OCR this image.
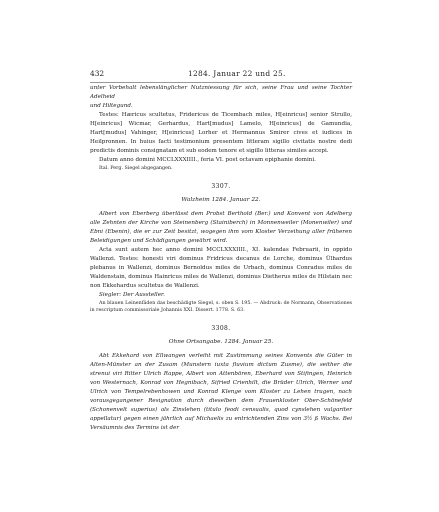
432	1284. Januar 22 und 25.

unter Vorbehalt lebenslänglicher Nutzniessung für sich, seine Frau und seine Tochter Adelheid

und Hiltegund.

Testes: Hæricus scultetus, Fridericus de Ticembach miles, H[einricus] senior Strullo, H[einricus] Wicmar, Gerhardus, Hart[mudus] Lamelo, H[einricus] de Gamundia, Hart[mudus] Vahinger, H[einricus] Lorher et Hermannus Smirer cives et iudices in Heilpronnen. In huius facti testimonium presentem litteram sigillo civitatis nostre dedi predictis dominis consignatam et sub eodem tenore et sigillo litteras similes accepi.

Datum anno domini MCCLXXXIIII., feria VI. post octavam epiphanie domini.

Ital. Perg. Siegel abgegangen.

3307.

Walzheim 1284. Januar 22.

Albert von Eberberg überlässt dem Probst Berthold (Ber.) und Konvent von Adelberg alle Zehnten der Kirche von Steinenberg (Stainiberch) in Monnenweiler (Monenwiler) und Ebni (Ebenin), die er zur Zeit besitzt, wogegen ihm vom Kloster Verzeihung aller früheren Beleidigungen und Schädigungen gewährt wird.

Acta sunt autem hec anno domini MCCLXXXIIII., XI. kalendas Februarii, in oppido Wallenzi. Testes: honesti viri dominus Fridricus decanus de Lorche, dominus Ülhardus plebanus in Wallenzi, dominus Bernoldus miles de Urbach, dominus Conradus miles de Waldenstain, dominus Hainricus miles de Wallenzi, dominus Dietherus miles de Hilstain nec non Ekkehardus scultetus de Wallenzi.

Siegler: Der Aussteller.

An blauen Leinenfäden das beschädigte Siegel, s. oben S. 195. — Abdruck: de Normann, Observationes in rescriptum commissoriale Johannis XXI. Dissert. 1778. S. 63.

3308.

Ohne Ortsangabe. 1284. Januar 25.

Abt Ekkehard von Ellwangen verleiht mit Zustimmung seines Konvents die Güter in Alten-Münster an der Zusam (Munstern iuxta fluvium dictum Zusme), die seither die strenui viri Ritter Ulrich Rappe, Albert von Attenbören, Eberhard von Stifingen, Heinrich von Westernach, Konrad von Hegnibach, Sifried Crienhilt, die Brüder Ulrich, Werner und Ulrich von Tempelrebenhowen und Konrad Klenge vom Kloster zu Lehen trugen, nach vorausgegangener Resignation durch dieselben dem Frauenkloster Ober-Schönefeld (Schonenvelt superius) als Zinslehen (titulo feodi censualis, quod cynslehen vulgariter appellatur) gegen einen jährlich auf Michaelis zu entrichtenden Zins von 3½ ß Wachs. Bei Versäumnis des Termins ist der
